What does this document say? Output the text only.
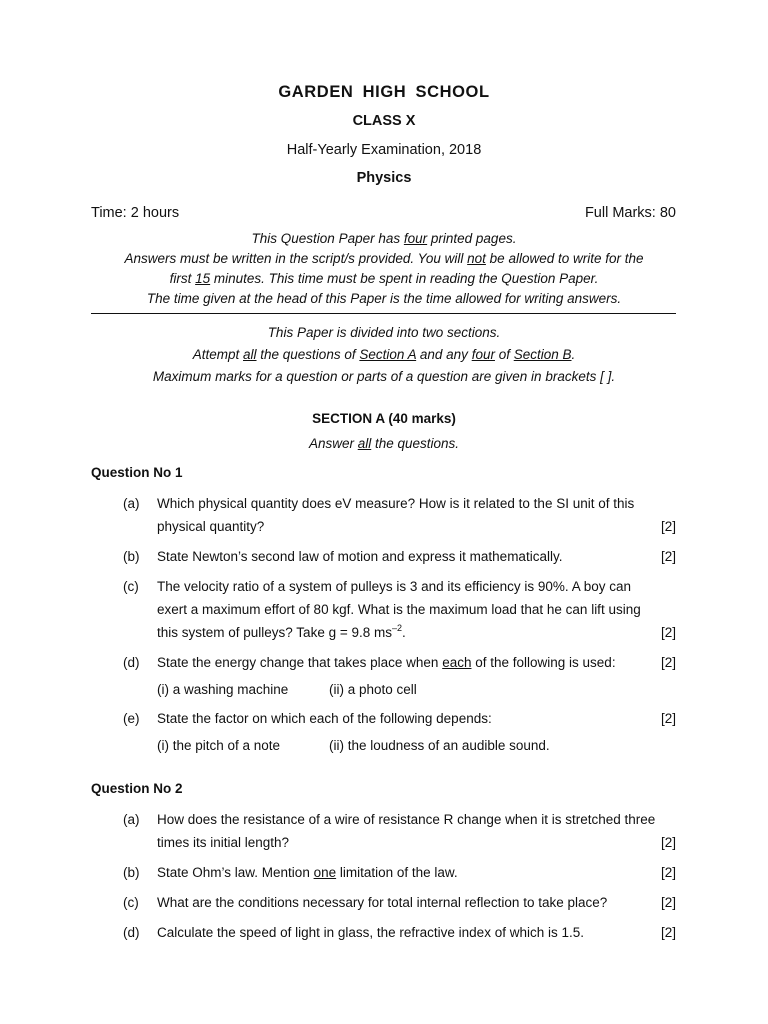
GARDEN HIGH SCHOOL
CLASS X
Half-Yearly Examination, 2018
Physics
Time: 2 hours	Full Marks: 80
This Question Paper has four printed pages.
Answers must be written in the script/s provided. You will not be allowed to write for the
first 15 minutes. This time must be spent in reading the Question Paper.
The time given at the head of this Paper is the time allowed for writing answers.
This Paper is divided into two sections.
Attempt all the questions of Section A and any four of Section B.
Maximum marks for a question or parts of a question are given in brackets [ ].
SECTION A (40 marks)
Answer all the questions.
Question No 1
(a) Which physical quantity does eV measure? How is it related to the SI unit of this
physical quantity?	[2]
(b) State Newton’s second law of motion and express it mathematically.	[2]
(c) The velocity ratio of a system of pulleys is 3 and its efficiency is 90%. A boy can
exert a maximum effort of 80 kgf. What is the maximum load that he can lift using
this system of pulleys? Take g = 9.8 $ms^{-2}$.	[2]
(d) State the energy change that takes place when each of the following is used:	[2]
(i) a washing machine	(ii) a photo cell
(e) State the factor on which each of the following depends:	[2]
(i) the pitch of a note	(ii) the loudness of an audible sound.
Question No 2
(a) How does the resistance of a wire of resistance R change when it is stretched three
times its initial length?	[2]
(b) State Ohm’s law. Mention one limitation of the law.	[2]
(c) What are the conditions necessary for total internal reflection to take place?	[2]
(d) Calculate the speed of light in glass, the refractive index of which is 1.5.	[2]
